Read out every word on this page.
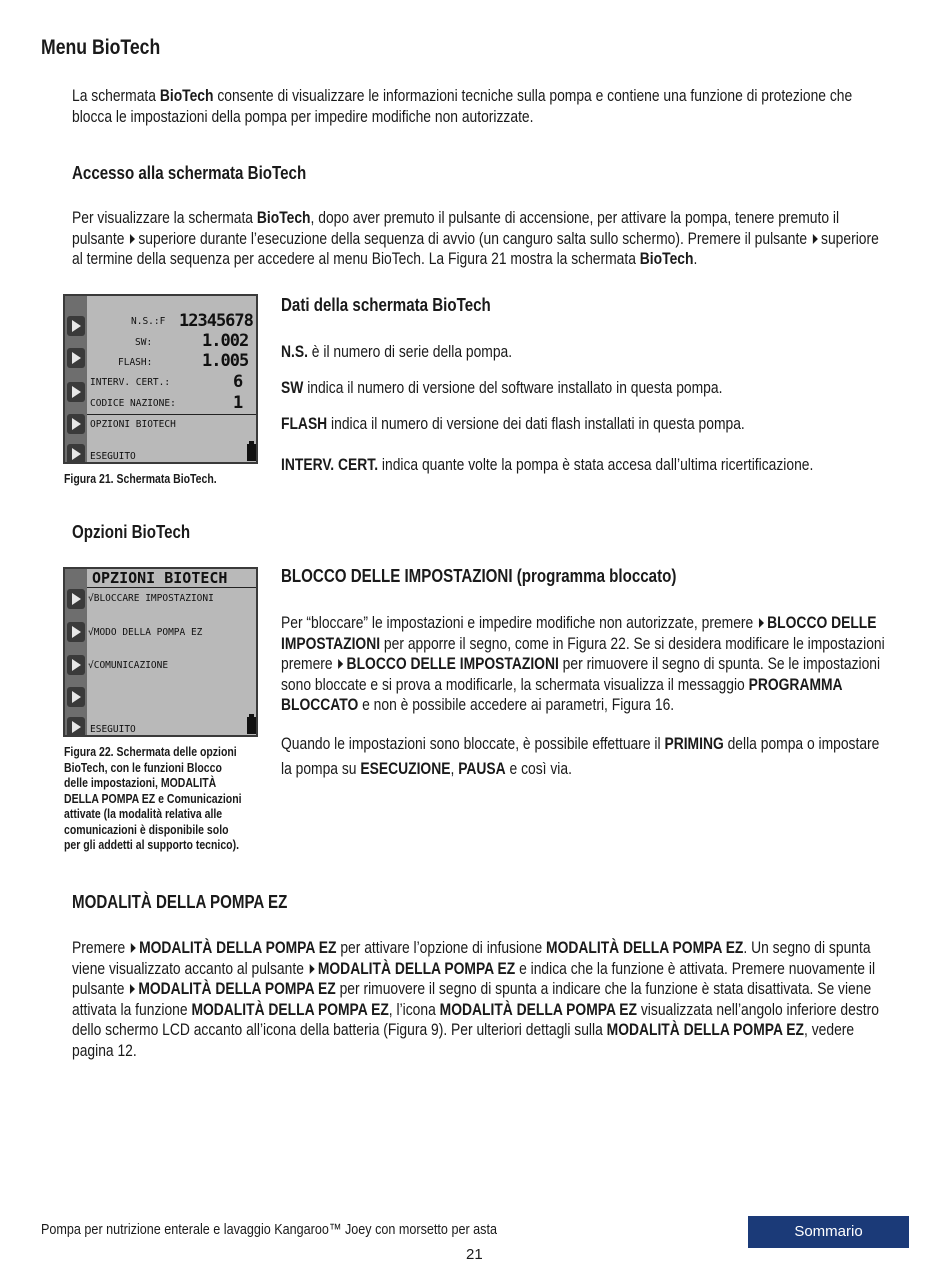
Menu BioTech
La schermata BioTech consente di visualizzare le informazioni tecniche sulla pompa e contiene una funzione di protezione che
blocca le impostazioni della pompa per impedire modifiche non autorizzate.
Accesso alla schermata BioTech
Per visualizzare la schermata BioTech, dopo aver premuto il pulsante di accensione, per attivare la pompa, tenere premuto il
pulsante superiore durante l’esecuzione della sequenza di avvio (un canguro salta sullo schermo). Premere il pulsante superiore
al termine della sequenza per accedere al menu BioTech. La Figura 21 mostra la schermata BioTech.
N.S.:F 12345678
SW:	1.002
FLASH:	1.005
INTERV. CERT.:	6
CODICE NAZIONE:	1
OPZIONI BIOTECH
ESEGUITO
Figura 21. Schermata BioTech.
Dati della schermata BioTech
N.S. è il numero di serie della pompa.
SW indica il numero di versione del software installato in questa pompa.
FLASH indica il numero di versione dei dati flash installati in questa pompa.
INTERV. CERT. indica quante volte la pompa è stata accesa dall’ultima ricertificazione.
Opzioni BioTech
OPZIONI BIOTECH
√BLOCCARE IMPOSTAZIONI
√MODO DELLA POMPA EZ
√COMUNICAZIONE
ESEGUITO
Figura 22. Schermata delle opzioni
BioTech, con le funzioni Blocco
delle impostazioni, MODALITÀ
DELLA POMPA EZ e Comunicazioni
attivate (la modalità relativa alle
comunicazioni è disponibile solo
per gli addetti al supporto tecnico).
BLOCCO DELLE IMPOSTAZIONI (programma bloccato)
Per “bloccare” le impostazioni e impedire modifiche non autorizzate, premere BLOCCO DELLE
IMPOSTAZIONI per apporre il segno, come in Figura 22. Se si desidera modificare le impostazioni
premere BLOCCO DELLE IMPOSTAZIONI per rimuovere il segno di spunta. Se le impostazioni
sono bloccate e si prova a modificarle, la schermata visualizza il messaggio PROGRAMMA
BLOCCATO e non è possibile accedere ai parametri, Figura 16.
Quando le impostazioni sono bloccate, è possibile effettuare il PRIMING della pompa o impostare
la pompa su ESECUZIONE, PAUSA e così via.
MODALITÀ DELLA POMPA EZ
Premere MODALITÀ DELLA POMPA EZ per attivare l’opzione di infusione MODALITÀ DELLA POMPA EZ. Un segno di spunta
viene visualizzato accanto al pulsante MODALITÀ DELLA POMPA EZ e indica che la funzione è attivata. Premere nuovamente il
pulsante MODALITÀ DELLA POMPA EZ per rimuovere il segno di spunta a indicare che la funzione è stata disattivata. Se viene
attivata la funzione MODALITÀ DELLA POMPA EZ, l’icona MODALITÀ DELLA POMPA EZ visualizzata nell’angolo inferiore destro
dello schermo LCD accanto all’icona della batteria (Figura 9). Per ulteriori dettagli sulla MODALITÀ DELLA POMPA EZ, vedere
pagina 12.
Pompa per nutrizione enterale e lavaggio Kangaroo™ Joey con morsetto per asta
21
Sommario
